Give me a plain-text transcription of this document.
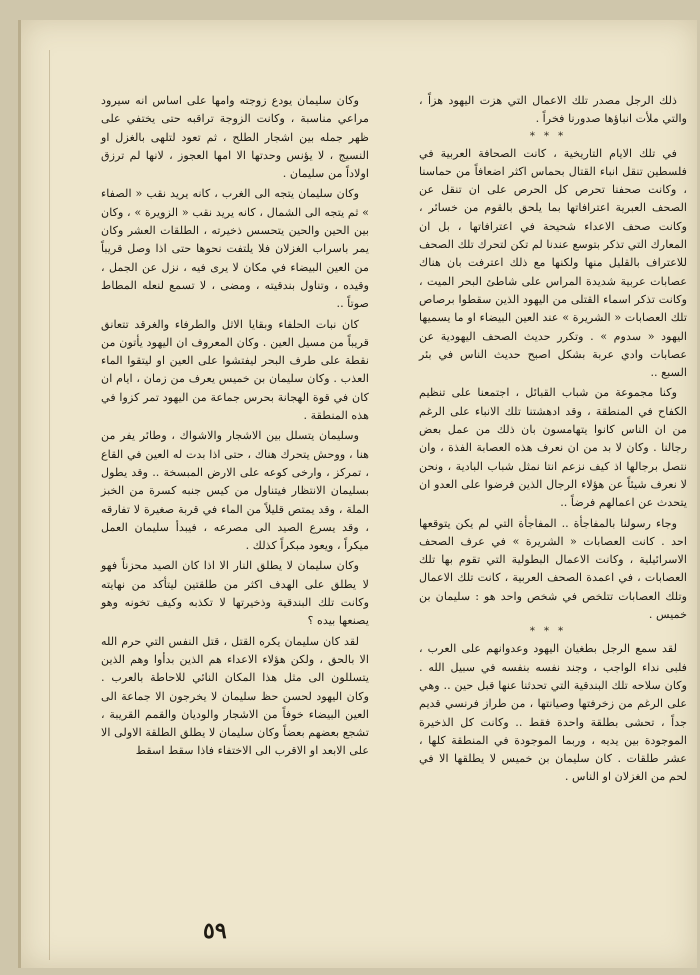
ذلك الرجل مصدر تلك الاعمال التي هزت اليهود هزاً ، والتي ملأت انباؤها صدورنا فخراً .

* * *

في تلك الايام التاريخية ، كانت الصحافة العربية في فلسطين تنقل انباء القتال بحماس اكثر اضعافاً من حماسنا ، وكانت صحفنا تحرص كل الحرص على ان تنقل عن الصحف العبرية اعترافاتها بما يلحق بالقوم من خسائر ، وكانت صحف الاعداء شحيحة في اعترافاتها ، بل ان المعارك التي تذكر بتوسع عندنا لم تكن لتحرك تلك الصحف للاعتراف بالقليل منها ولكنها مع ذلك اعترفت بان هناك عصابات عربية شديدة المراس على شاطئ البحر الميت ، وكانت تذكر اسماء القتلى من اليهود الذين سقطوا برصاص تلك العصابات « الشريرة » عند العين البيضاء او ما يسميها اليهود « سدوم » . وتكرر حديث الصحف اليهودية عن عصابات وادي عربة بشكل اصبح حديث الناس في بئر السبع ..

وكنا مجموعة من شباب القبائل ، اجتمعنا على تنظيم الكفاح في المنطقة ، وقد ادهشتنا تلك الانباء على الرغم من ان الناس كانوا يتهامسون بان ذلك من عمل بعض رجالنا . وكان لا بد من ان نعرف هذه العصابة الفذة ، وان نتصل برجالها اذ كيف نزعم انتا نمثل شباب البادية ، ونحن لا نعرف شيئاً عن هؤلاء الرجال الذين فرضوا على العدو ان يتحدث عن اعمالهم فرضاً ..

وجاء رسولنا بالمفاجأة .. المفاجأة التي لم يكن يتوقعها احد . كانت العصابات « الشريرة » في عرف الصحف الاسرائيلية ، وكانت الاعمال البطولية التي تقوم بها تلك العصابات ، في اعمدة الصحف العربية ، كانت تلك الاعمال وتلك العصابات تتلخص في شخص واحد هو : سليمان بن خميس .

* * *

لقد سمع الرجل بطغيان اليهود وعدوانهم على العرب ، فلبى نداء الواجب ، وجند نفسه بنفسه في سبيل الله . وكان سلاحه تلك البندقية التي تحدثنا عنها قبل حين .. وهي على الرغم من زخرفتها وصيانتها ، من طراز فرنسي قديم جداً ، تحشى بطلقة واحدة فقط .. وكانت كل الذخيرة الموجودة بين يديه ، وربما الموجودة في المنطقة كلها ، عشر طلقات . كان سليمان بن خميس لا يطلقها الا في لحم من الغزلان او الناس .

وكان سليمان يودع زوجته وامها على اساس انه سيرود مراعي مناسبة ، وكانت الزوجة تراقبه حتى يختفي على ظهر جمله بين اشجار الطلح ، ثم تعود لتلهى بالغزل او النسيج ، لا يؤنس وحدتها الا امها العجوز ، لانها لم ترزق اولاداً من سليمان .

وكان سليمان يتجه الى الغرب ، كانه يريد نقب « الصفاء » ثم يتجه الى الشمال ، كانه يريد نقب « الزويرة » ، وكان بين الحين والحين يتحسس ذخيرته ، الطلقات العشر وكان يمر باسراب الغزلان فلا يلتفت نحوها حتى اذا وصل قريباً من العين البيضاء في مكان لا يرى فيه ، نزل عن الجمل ، وقيده ، وتناول بندقيته ، ومضى ، لا تسمع لنعله المطاط صوتاً ..

كان نبات الحلفاء وبقايا الاثل والطرفاء والغرقد تتعانق قريباً من مسيل العين . وكان المعروف ان اليهود يأتون من نقطة على طرف البحر ليفتشوا على العين او ليتقوا الماء العذب . وكان سليمان بن خميس يعرف من زمان ، ايام ان كان في قوة الهجانة بحرس جماعة من اليهود تمر كزوا في هذه المنطقة .

وسليمان يتسلل بين الاشجار والاشواك ، وطائر يفر من هنا ، ووحش يتحرك هناك ، حتى اذا بدت له العين في القاع ، تمركز ، وارخى كوعه على الارض المبسخة .. وقد يطول بسليمان الانتظار فيتناول من كيس جنبه كسرة من الخبز الملة ، وقد يمتص قليلاً من الماء في قربة صغيرة لا تفارقه ، وقد يسرع الصيد الى مصرعه ، فيبدأ سليمان العمل ميكراً ، ويعود مبكراً كذلك .

وكان سليمان لا يطلق النار الا اذا كان الصيد محزناً فهو لا يطلق على الهدف اكثر من طلقتين ليتأكد من نهايته وكانت تلك البندقية وذخيرتها لا تكذبه وكيف تخونه وهو يصنعها بيده ؟

لقد كان سليمان يكره القتل ، قتل النفس التي حرم الله الا بالحق ، ولكن هؤلاء الاعداء هم الذين بدأوا وهم الذين يتسللون الى مثل هذا المكان النائي للاحاطة بالعرب . وكان اليهود لحسن حظ سليمان لا يخرجون الا جماعة الى العين البيضاء خوفاً من الاشجار والوديان والقمم القريبة ، تشجع بعضهم بعضاً وكان سليمان لا يطلق الطلقة الاولى الا على الابعد او الاقرب الى الاختفاء فاذا سقط اسقط

٥٩
